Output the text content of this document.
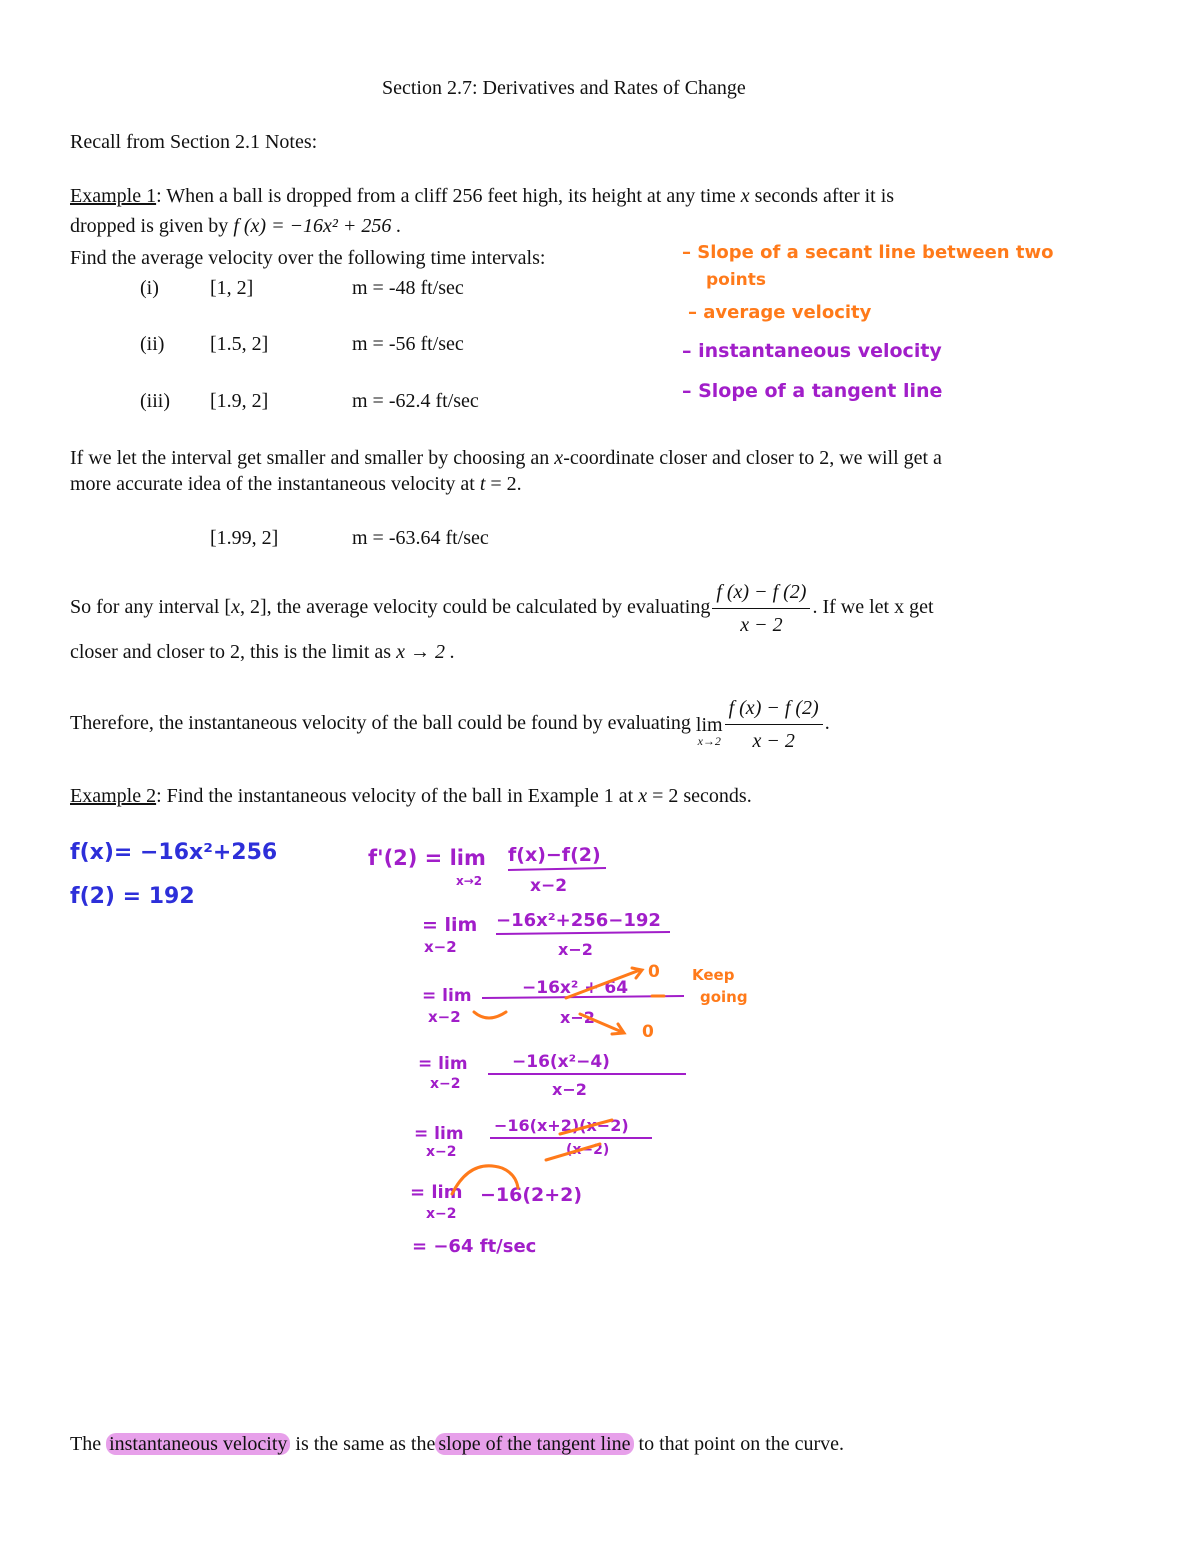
Section 2.7: Derivatives and Rates of Change
Recall from Section 2.1 Notes:
Example 1: When a ball is dropped from a cliff 256 feet high, its height at any time x seconds after it is
dropped is given by f (x) = −16x² + 256 .
Find the average velocity over the following time intervals:
(i)	[1, 2]	m = -48 ft/sec
(ii) [1.5, 2]	m = -56 ft/sec
(iii) [1.9, 2]	m = -62.4 ft/sec
– Slope of a secant line between two
points
– average velocity
– instantaneous velocity
– Slope of a tangent line
If we let the interval get smaller and smaller by choosing an x-coordinate closer and closer to 2, we will get a
more accurate idea of the instantaneous velocity at t = 2.
[1.99, 2]	m = -63.64 ft/sec
So for any interval [x, 2], the average velocity could be calculated by evaluating $\frac{f (x) - f (2)}{x - 2}$ . If we let x get
closer and closer to 2, this is the limit as x → 2 .
Therefore, the instantaneous velocity of the ball could be found by evaluating lim
$x\to 2 \frac{f (x) - f (2)}{x - 2}$ .
Example 2: Find the instantaneous velocity of the ball in Example 1 at x = 2 seconds.
f(x)= −16x²+256
f(2) = 192
f'(2) = lim
x→2
f(x)−f(2)
x−2
= lim
x−2
−16x²+256−192
x−2
= lim
x−2
−16x² + 64
x−2
= lim
x−2
−16(x²−4)
x−2
= lim
x−2
−16(x+2)(x−2)
(x−2)
= lim
x−2
−16(2+2)
= −64 ft/sec
0
0
Keep
going
The instantaneous velocity is the same as the slope of the tangent line to that point on the curve.
